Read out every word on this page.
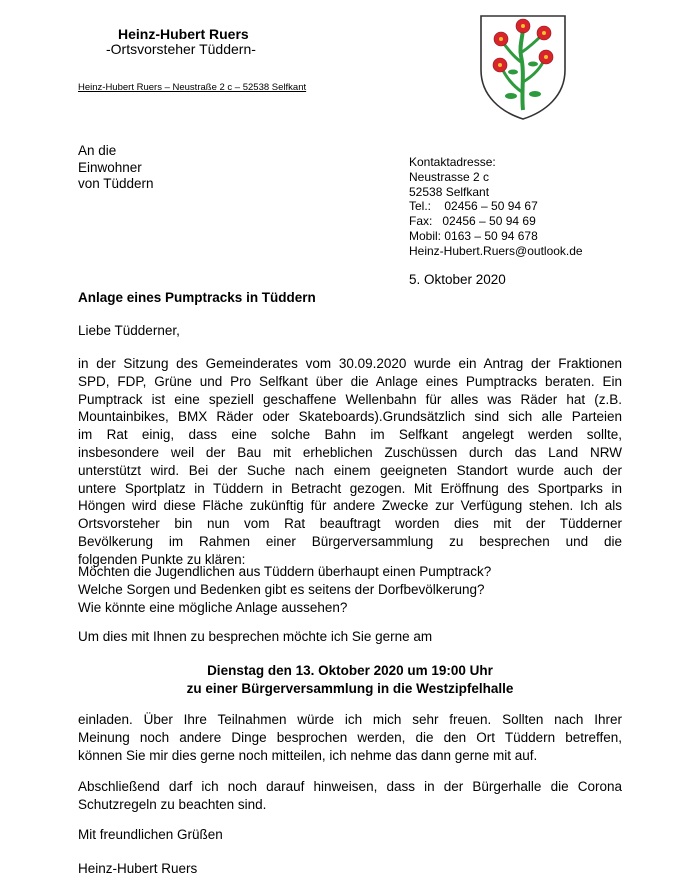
Heinz-Hubert Ruers
-Ortsvorsteher Tüddern-
Heinz-Hubert Ruers – Neustraße 2 c – 52538 Selfkant
An die
Einwohner
von Tüddern
Kontaktadresse:
Neustrasse 2 c
52538 Selfkant
Tel.:    02456 – 50 94 67
Fax:   02456 – 50 94 69
Mobil: 0163 – 50 94 678
Heinz-Hubert.Ruers@outlook.de
5. Oktober 2020
Anlage eines Pumptracks in Tüddern
Liebe Tüdderner,
in der Sitzung des Gemeinderates vom 30.09.2020 wurde ein Antrag der Fraktionen
SPD, FDP, Grüne und Pro Selfkant über die Anlage eines Pumptracks beraten. Ein
Pumptrack ist eine speziell geschaffene Wellenbahn für alles was Räder hat (z.B.
Mountainbikes, BMX Räder oder Skateboards).Grundsätzlich sind sich alle Parteien
im Rat einig, dass eine solche Bahn im Selfkant angelegt werden sollte,
insbesondere weil der Bau mit erheblichen Zuschüssen durch das Land NRW
unterstützt wird. Bei der Suche nach einem geeigneten Standort wurde auch der
untere Sportplatz in Tüddern in Betracht gezogen. Mit Eröffnung des Sportparks in
Höngen wird diese Fläche zukünftig für andere Zwecke zur Verfügung stehen. Ich als
Ortsvorsteher bin nun vom Rat beauftragt worden dies mit der Tüdderner
Bevölkerung im Rahmen einer Bürgerversammlung zu besprechen und die
folgenden Punkte zu klären:
Möchten die Jugendlichen aus Tüddern überhaupt einen Pumptrack?
Welche Sorgen und Bedenken gibt es seitens der Dorfbevölkerung?
Wie könnte eine mögliche Anlage aussehen?
Um dies mit Ihnen zu besprechen möchte ich Sie gerne am
Dienstag den 13. Oktober 2020 um 19:00 Uhr
zu einer Bürgerversammlung in die Westzipfelhalle
einladen. Über Ihre Teilnahmen würde ich mich sehr freuen. Sollten nach Ihrer
Meinung noch andere Dinge besprochen werden, die den Ort Tüddern betreffen,
können Sie mir dies gerne noch mitteilen, ich nehme das dann gerne mit auf.
Abschließend darf ich noch darauf hinweisen, dass in der Bürgerhalle die Corona
Schutzregeln zu beachten sind.
Mit freundlichen Grüßen
Heinz-Hubert Ruers
